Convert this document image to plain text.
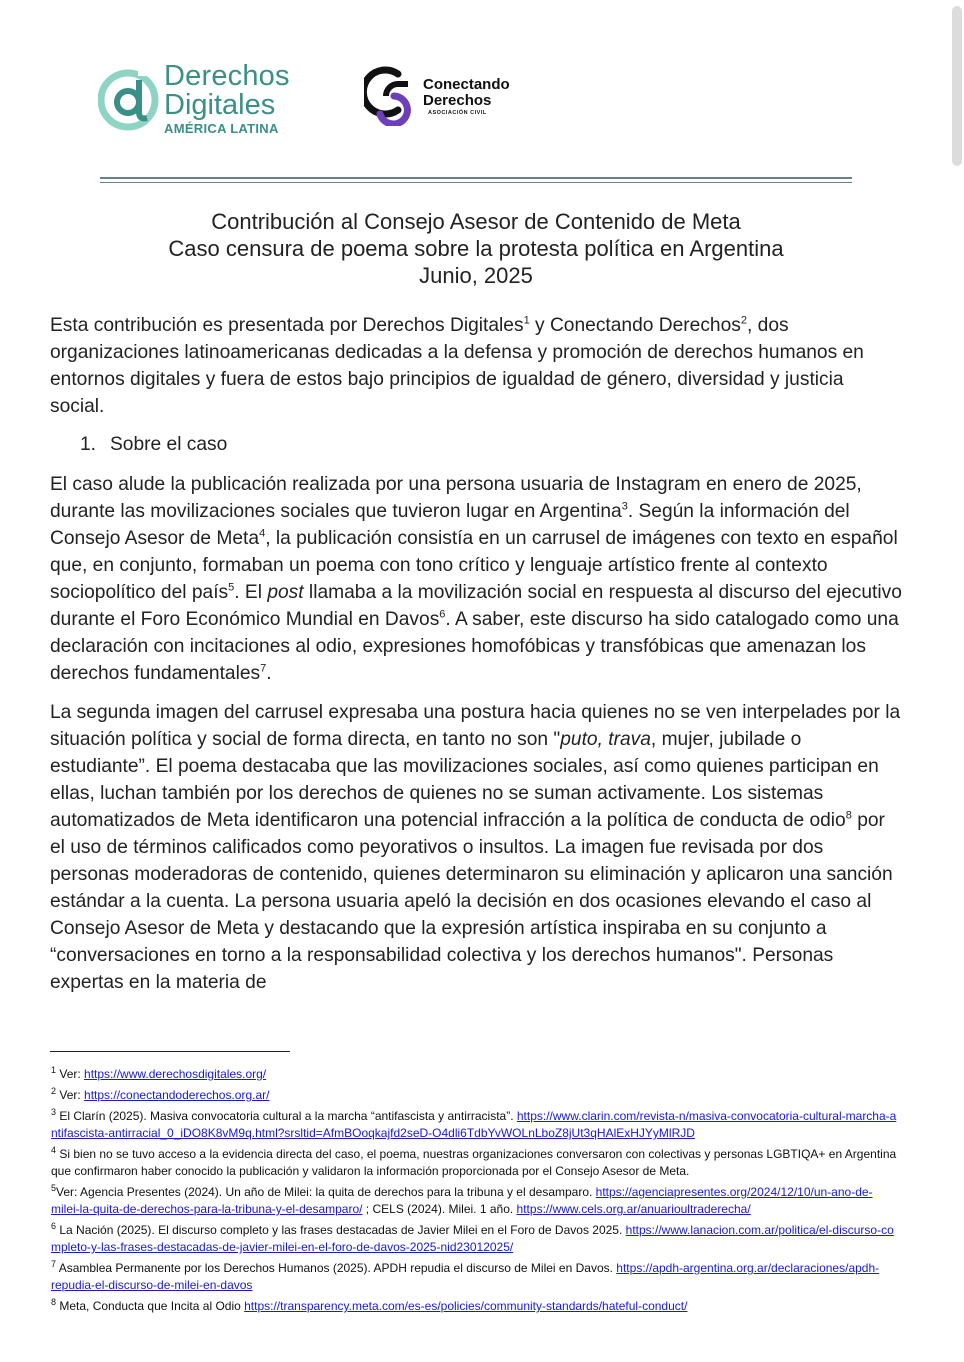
Derechos
Digitales
AMÉRICA LATINA
Conectando
Derechos
ASOCIACIÓN CIVIL
Contribución al Consejo Asesor de Contenido de Meta
Caso censura de poema sobre la protesta política en Argentina
Junio, 2025

Esta contribución es presentada por Derechos Digitales$^1$ y Conectando Derechos$^2$, dos organizaciones latinoamericanas dedicadas a la defensa y promoción de derechos humanos en entornos digitales y fuera de estos bajo principios de igualdad de género, diversidad y justicia social.

1. Sobre el caso

El caso alude la publicación realizada por una persona usuaria de Instagram en enero de 2025, durante las movilizaciones sociales que tuvieron lugar en Argentina$^3$. Según la información del Consejo Asesor de Meta$^4$, la publicación consistía en un carrusel de imágenes con texto en español que, en conjunto, formaban un poema con tono crítico y lenguaje artístico frente al contexto sociopolítico del país$^5$. El post llamaba a la movilización social en respuesta al discurso del ejecutivo durante el Foro Económico Mundial en Davos$^6$. A saber, este discurso ha sido catalogado como una declaración con incitaciones al odio, expresiones homofóbicas y transfóbicas que amenazan los derechos fundamentales$^7$.

La segunda imagen del carrusel expresaba una postura hacia quienes no se ven interpelades por la situación política y social de forma directa, en tanto no son "puto, trava, mujer, jubilade o estudiante”. El poema destacaba que las movilizaciones sociales, así como quienes participan en ellas, luchan también por los derechos de quienes no se suman activamente. Los sistemas automatizados de Meta identificaron una potencial infracción a la política de conducta de odio$^8$ por el uso de términos calificados como peyorativos o insultos. La imagen fue revisada por dos personas moderadoras de contenido, quienes determinaron su eliminación y aplicaron una sanción estándar a la cuenta. La persona usuaria apeló la decisión en dos ocasiones elevando el caso al Consejo Asesor de Meta y destacando que la expresión artística inspiraba en su conjunto a “conversaciones en torno a la responsabilidad colectiva y los derechos humanos". Personas expertas en la materia de

$^1$ Ver: https://www.derechosdigitales.org/
$^2$ Ver: https://conectandoderechos.org.ar/
$^3$ El Clarín (2025). Masiva convocatoria cultural a la marcha “antifascista y antirracista”. https://www.clarin.com/revista-n/masiva-convocatoria-cultural-marcha-antifascista-antirracial_0_iDO8K8vM9q.html?srsltid=AfmBOoqkajfd2seD-O4dli6TdbYvWOLnLboZ8jUt3qHAlExHJYyMlRJD
$^4$ Si bien no se tuvo acceso a la evidencia directa del caso, el poema, nuestras organizaciones conversaron con colectivas y personas LGBTIQA+ en Argentina que confirmaron haber conocido la publicación y validaron la información proporcionada por el Consejo Asesor de Meta.
$^5$Ver: Agencia Presentes (2024). Un año de Milei: la quita de derechos para la tribuna y el desamparo. https://agenciapresentes.org/2024/12/10/un-ano-de-milei-la-quita-de-derechos-para-la-tribuna-y-el-desamparo/ ; CELS (2024). Milei. 1 año. https://www.cels.org.ar/anuarioultraderecha/
$^6$ La Nación (2025). El discurso completo y las frases destacadas de Javier Milei en el Foro de Davos 2025. https://www.lanacion.com.ar/politica/el-discurso-completo-y-las-frases-destacadas-de-javier-milei-en-el-foro-de-davos-2025-nid23012025/
$^7$ Asamblea Permanente por los Derechos Humanos (2025). APDH repudia el discurso de Milei en Davos. https://apdh-argentina.org.ar/declaraciones/apdh-repudia-el-discurso-de-milei-en-davos
$^8$ Meta, Conducta que Incita al Odio https://transparency.meta.com/es-es/policies/community-standards/hateful-conduct/
